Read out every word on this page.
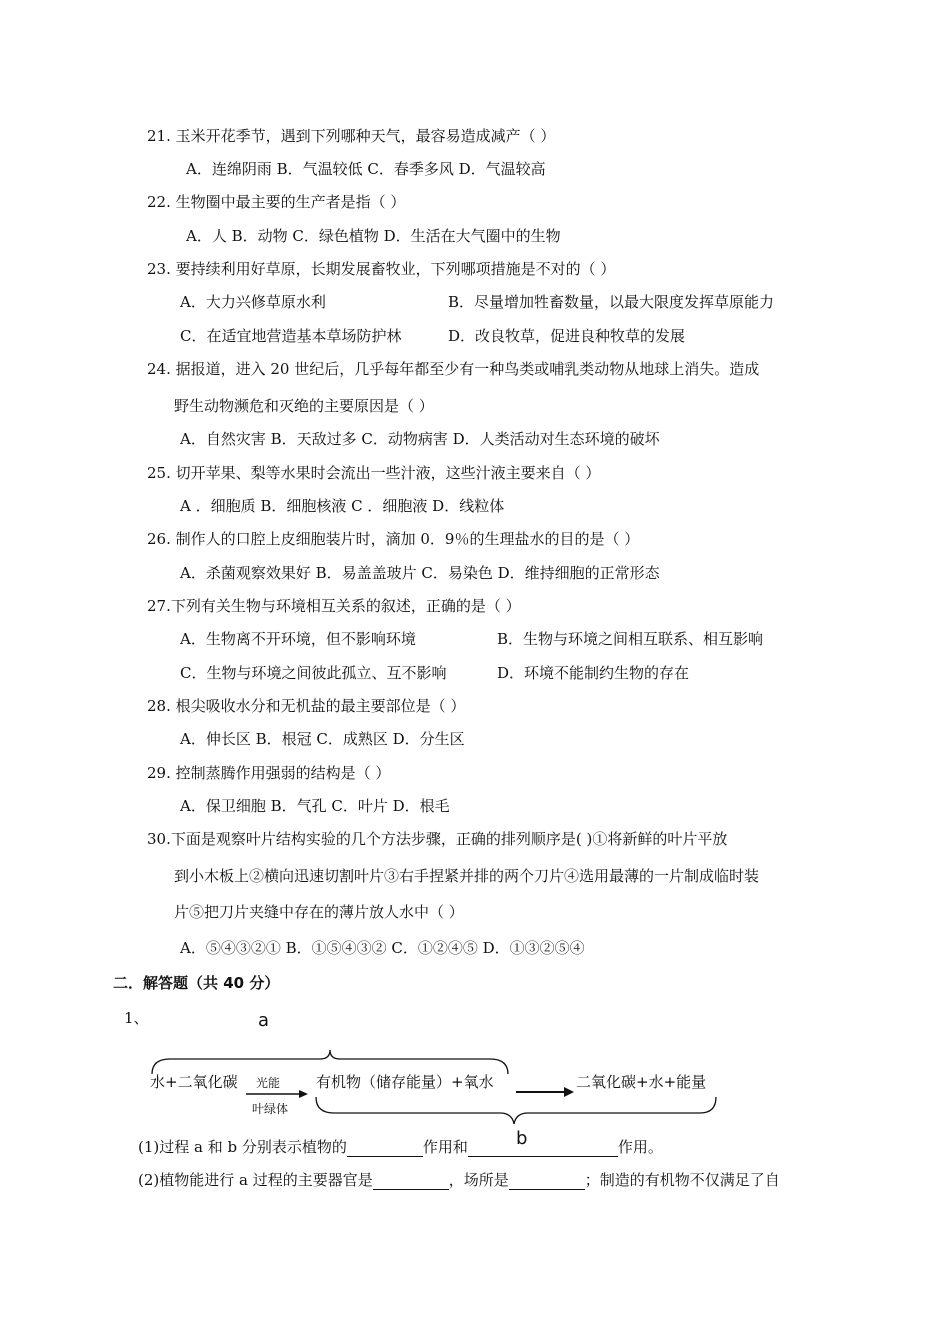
21. 玉米开花季节，遇到下列哪种天气，最容易造成减产（ ）
A．连绵阴雨 B．气温较低 C．春季多风 D．气温较高
22. 生物圈中最主要的生产者是指（ ）
A．人 B．动物 C．绿色植物 D．生活在大气圈中的生物
23. 要持续利用好草原，长期发展畜牧业，下列哪项措施是不对的（ ）
A．大力兴修草原水利	B．尽量增加牲畜数量，以最大限度发挥草原能力
C．在适宜地营造基本草场防护林	D．改良牧草，促进良种牧草的发展
24. 据报道，进入 20 世纪后，几乎每年都至少有一种鸟类或哺乳类动物从地球上消失。造成
野生动物濒危和灭绝的主要原因是（ ）
A．自然灾害 B．天敌过多 C．动物病害 D．人类活动对生态环境的破坏
25. 切开苹果、梨等水果时会流出一些汁液，这些汁液主要来自（ ）
A ．细胞质 B．细胞核液 C ．细胞液 D．线粒体
26. 制作人的口腔上皮细胞装片时，滴加 0．9％的生理盐水的目的是（ ）
A．杀菌观察效果好 B．易盖盖玻片 C．易染色 D．维持细胞的正常形态
27.下列有关生物与环境相互关系的叙述，正确的是（ ）
A．生物离不开环境，但不影响环境	B．生物与环境之间相互联系、相互影响
C．生物与环境之间彼此孤立、互不影响	D．环境不能制约生物的存在
28. 根尖吸收水分和无机盐的最主要部位是（ ）
A．伸长区 B．根冠 C．成熟区 D．分生区
29. 控制蒸腾作用强弱的结构是（ ）
A．保卫细胞 B．气孔 C．叶片 D．根毛
30.下面是观察叶片结构实验的几个方法步骤，正确的排列顺序是( )①将新鲜的叶片平放
到小木板上②横向迅速切割叶片③右手捏紧并排的两个刀片④选用最薄的一片制成临时装
片⑤把刀片夹缝中存在的薄片放人水中（ ）
A．⑤④③②① B．①⑤④③② C．①②④⑤ D．①③②⑤④
二．解答题（共 40 分）
1、	a
水+二氧化碳 光能
叶绿体
有机物（储存能量）+氧水	二氧化碳+水+能量
b
(1)过程 a 和 b 分别表示植物的	作用和	作用。
(2)植物能进行 a 过程的主要器官是	，场所是	；制造的有机物不仅满足了自
